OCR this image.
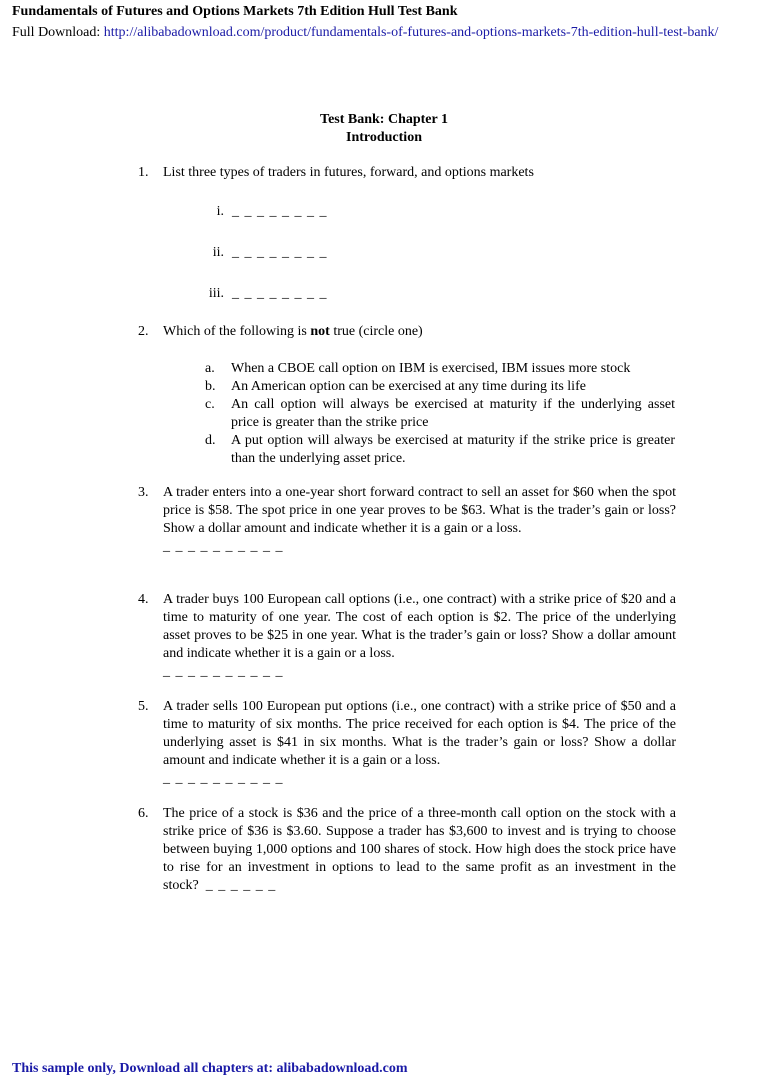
Fundamentals of Futures and Options Markets 7th Edition Hull Test Bank
Full Download: http://alibabadownload.com/product/fundamentals-of-futures-and-options-markets-7th-edition-hull-test-bank/
Test Bank: Chapter 1
Introduction
1.	List three types of traders in futures, forward, and options markets
i. _ _ _ _ _ _ _ _
ii. _ _ _ _ _ _ _ _
iii. _ _ _ _ _ _ _ _
2.	Which of the following is not true (circle one)
a.	When a CBOE call option on IBM is exercised, IBM issues more stock
b.	An American option can be exercised at any time during its life
c.	An call option will always be exercised at maturity if the underlying asset price is greater than the strike price
d.	A put option will always be exercised at maturity if the strike price is greater than the underlying asset price.
3.	A trader enters into a one-year short forward contract to sell an asset for $60 when the spot price is $58. The spot price in one year proves to be $63. What is the trader’s gain or loss? Show a dollar amount and indicate whether it is a gain or a loss.
_ _ _ _ _ _ _ _ _ _
4.	A trader buys 100 European call options (i.e., one contract) with a strike price of $20 and a time to maturity of one year. The cost of each option is $2. The price of the underlying asset proves to be $25 in one year. What is the trader’s gain or loss? Show a dollar amount and indicate whether it is a gain or a loss.
_ _ _ _ _ _ _ _ _ _
5.	A trader sells 100 European put options (i.e., one contract) with a strike price of $50 and a time to maturity of six months. The price received for each option is $4. The price of the underlying asset is $41 in six months. What is the trader’s gain or loss? Show a dollar amount and indicate whether it is a gain or a loss.
_ _ _ _ _ _ _ _ _ _
6.	The price of a stock is $36 and the price of a three-month call option on the stock with a strike price of $36 is $3.60. Suppose a trader has $3,600 to invest and is trying to choose between buying 1,000 options and 100 shares of stock. How high does the stock price have to rise for an investment in options to lead to the same profit as an investment in the stock? _ _ _ _ _ _
This sample only, Download all chapters at: alibabadownload.com
